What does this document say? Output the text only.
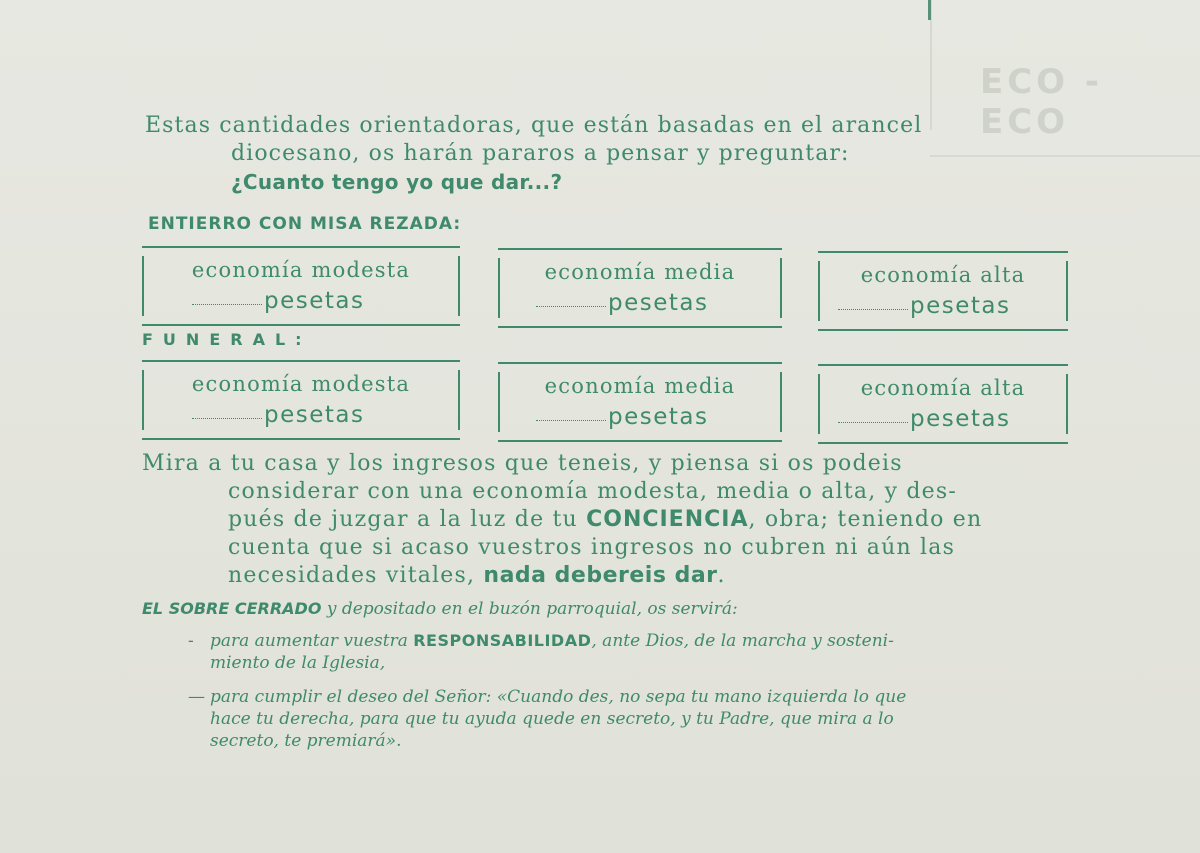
ECO - ECO
Estas cantidades orientadoras, que están basadas en el arancel
diocesano, os harán pararos a pensar y preguntar:
¿Cuanto tengo yo que dar...?
ENTIERRO CON MISA REZADA:
economía modesta
pesetas
economía media
pesetas
economía alta
pesetas
FUNERAL:
economía modesta
pesetas
economía media
pesetas
economía alta
pesetas
Mira a tu casa y los ingresos que teneis, y piensa si os podeis
considerar con una economía modesta, media o alta, y des-
pués de juzgar a la luz de tu CONCIENCIA, obra; teniendo en
cuenta que si acaso vuestros ingresos no cubren ni aún las
necesidades vitales, nada debereis dar.
EL SOBRE CERRADO y depositado en el buzón parroquial, os servirá:
- para aumentar vuestra RESPONSABILIDAD, ante Dios, de la marcha y sosteni-
miento de la Iglesia,
— para cumplir el deseo del Señor: «Cuando des, no sepa tu mano izquierda lo que
hace tu derecha, para que tu ayuda quede en secreto, y tu Padre, que mira a lo
secreto, te premiará».
